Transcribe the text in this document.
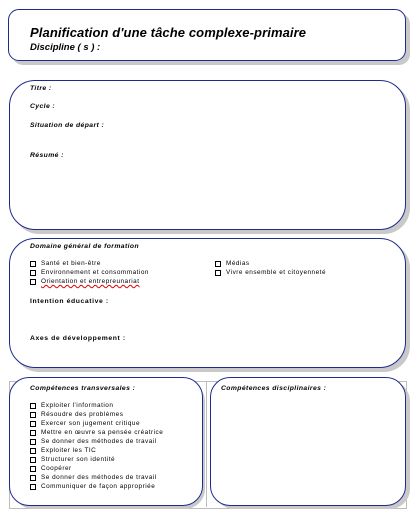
Planification d'une tâche complexe-primaire
Discipline ( s ) :
Titre :
Cycle :
Situation de départ :
Résumé :
Domaine général de formation
Santé et bien-être
Environnement et consommation
Orientation et entrepreunariat
Médias
Vivre ensemble et citoyenneté
Intention éducative :
Axes de développement :
Compétences transversales :	Compétences disciplinaires :
Exploiter l'information
Résoudre des problèmes
Exercer son jugement critique
Mettre en œuvre sa pensée créatrice
Se donner des méthodes de travail
Exploiter les TIC
Structurer son identité
Coopérer
Se donner des méthodes de travail
Communiquer de façon appropriée
